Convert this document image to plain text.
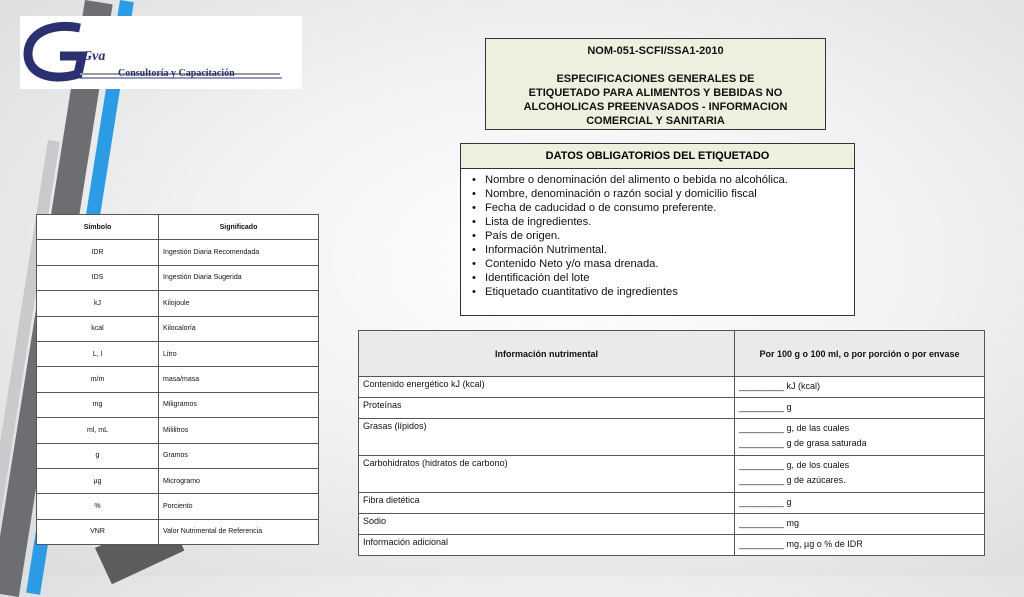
Gva
Consultoría y Capacitación
NOM-051-SCFI/SSA1-2010
ESPECIFICACIONES GENERALES DE
ETIQUETADO PARA ALIMENTOS Y BEBIDAS NO
ALCOHOLICAS PREENVASADOS - INFORMACION
COMERCIAL Y SANITARIA
DATOS OBLIGATORIOS DEL ETIQUETADO
• Nombre o denominación del alimento o bebida no alcohólica.
• Nombre, denominación o razón social y domicilio fiscal
• Fecha de caducidad o de consumo preferente.
• Lista de ingredientes.
• País de origen.
• Información Nutrimental.
• Contenido Neto y/o masa drenada.
• Identificación del lote
• Etiquetado cuantitativo de ingredientes
Símbolo	Significado
IDR	Ingestión Diaria Recomendada
IDS	Ingestión Diaria Sugerida
kJ	Kilojoule
kcal	Kilocaloría
L, l	Litro
m/m	masa/masa
mg	Miligramos
ml, mL	Mililitros
g	Gramos
µg	Microgramo
%	Porciento
VNR	Valor Nutrimental de Referencia
Información nutrimental	Por 100 g o 100 ml, o por porción o por envase
Contenido energético kJ (kcal)	_________ kJ (kcal)

Proteínas	_________ g

Grasas (lípidos)	_________ g, de las cuales
_________ g de grasa saturada

Carbohidratos (hidratos de carbono)	_________ g, de los cuales
_________ g de azúcares.

Fibra dietética	_________ g

Sodio	_________ mg

Información adicional	_________ mg, µg o % de IDR
